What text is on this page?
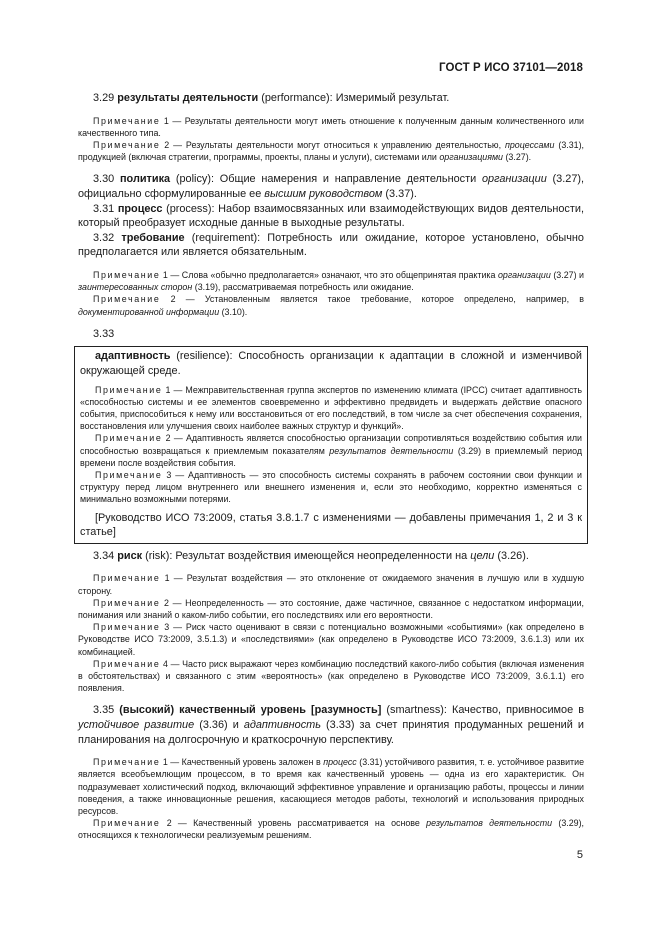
ГОСТ Р ИСО 37101—2018

3.29 результаты деятельности (performance): Измеримый результат.

Примечание 1 — Результаты деятельности могут иметь отношение к полученным данным количественного или качественного типа.

Примечание 2 — Результаты деятельности могут относиться к управлению деятельностью, процессами (3.31), продукцией (включая стратегии, программы, проекты, планы и услуги), системами или организациями (3.27).

3.30 политика (policy): Общие намерения и направление деятельности организации (3.27), официально сформулированные ее высшим руководством (3.37).

3.31 процесс (process): Набор взаимосвязанных или взаимодействующих видов деятельности, который преобразует исходные данные в выходные результаты.

3.32 требование (requirement): Потребность или ожидание, которое установлено, обычно предполагается или является обязательным.

Примечание 1 — Слова «обычно предполагается» означают, что это общепринятая практика организации (3.27) и заинтересованных сторон (3.19), рассматриваемая потребность или ожидание.

Примечание 2 — Установленным является такое требование, которое определено, например, в документированной информации (3.10).

3.33

адаптивность (resilience): Способность организации к адаптации в сложной и изменчивой окружающей среде.

Примечание 1 — Межправительственная группа экспертов по изменению климата (IPCC) считает адаптивность «способностью системы и ее элементов своевременно и эффективно предвидеть и выдержать действие опасного события, приспособиться к нему или восстановиться от его последствий, в том числе за счет обеспечения сохранения, восстановления или улучшения своих наиболее важных структур и функций».

Примечание 2 — Адаптивность является способностью организации сопротивляться воздействию события или способностью возвращаться к приемлемым показателям результатов деятельности (3.29) в приемлемый период времени после воздействия события.

Примечание 3 — Адаптивность — это способность системы сохранять в рабочем состоянии свои функции и структуру перед лицом внутреннего или внешнего изменения и, если это необходимо, корректно изменяться с минимально возможными потерями.

[Руководство ИСО 73:2009, статья 3.8.1.7 с изменениями — добавлены примечания 1, 2 и 3 к статье]

3.34 риск (risk): Результат воздействия имеющейся неопределенности на цели (3.26).

Примечание 1 — Результат воздействия — это отклонение от ожидаемого значения в лучшую или в худшую сторону.

Примечание 2 — Неопределенность — это состояние, даже частичное, связанное с недостатком информации, понимания или знаний о каком-либо событии, его последствиях или его вероятности.

Примечание 3 — Риск часто оценивают в связи с потенциально возможными «событиями» (как определено в Руководстве ИСО 73:2009, 3.5.1.3) и «последствиями» (как определено в Руководстве ИСО 73:2009, 3.6.1.3) или их комбинацией.

Примечание 4 — Часто риск выражают через комбинацию последствий какого-либо события (включая изменения в обстоятельствах) и связанного с этим «вероятность» (как определено в Руководстве ИСО 73:2009, 3.6.1.1) его появления.

3.35 (высокий) качественный уровень [разумность] (smartness): Качество, привносимое в устойчивое развитие (3.36) и адаптивность (3.33) за счет принятия продуманных решений и планирования на долгосрочную и краткосрочную перспективу.

Примечание 1 — Качественный уровень заложен в процесс (3.31) устойчивого развития, т. е. устойчивое развитие является всеобъемлющим процессом, в то время как качественный уровень — одна из его характеристик. Он подразумевает холистический подход, включающий эффективное управление и организацию работы, процессы и линии поведения, а также инновационные решения, касающиеся методов работы, технологий и использования природных ресурсов.

Примечание 2 — Качественный уровень рассматривается на основе результатов деятельности (3.29), относящихся к технологически реализуемым решениям.

5
